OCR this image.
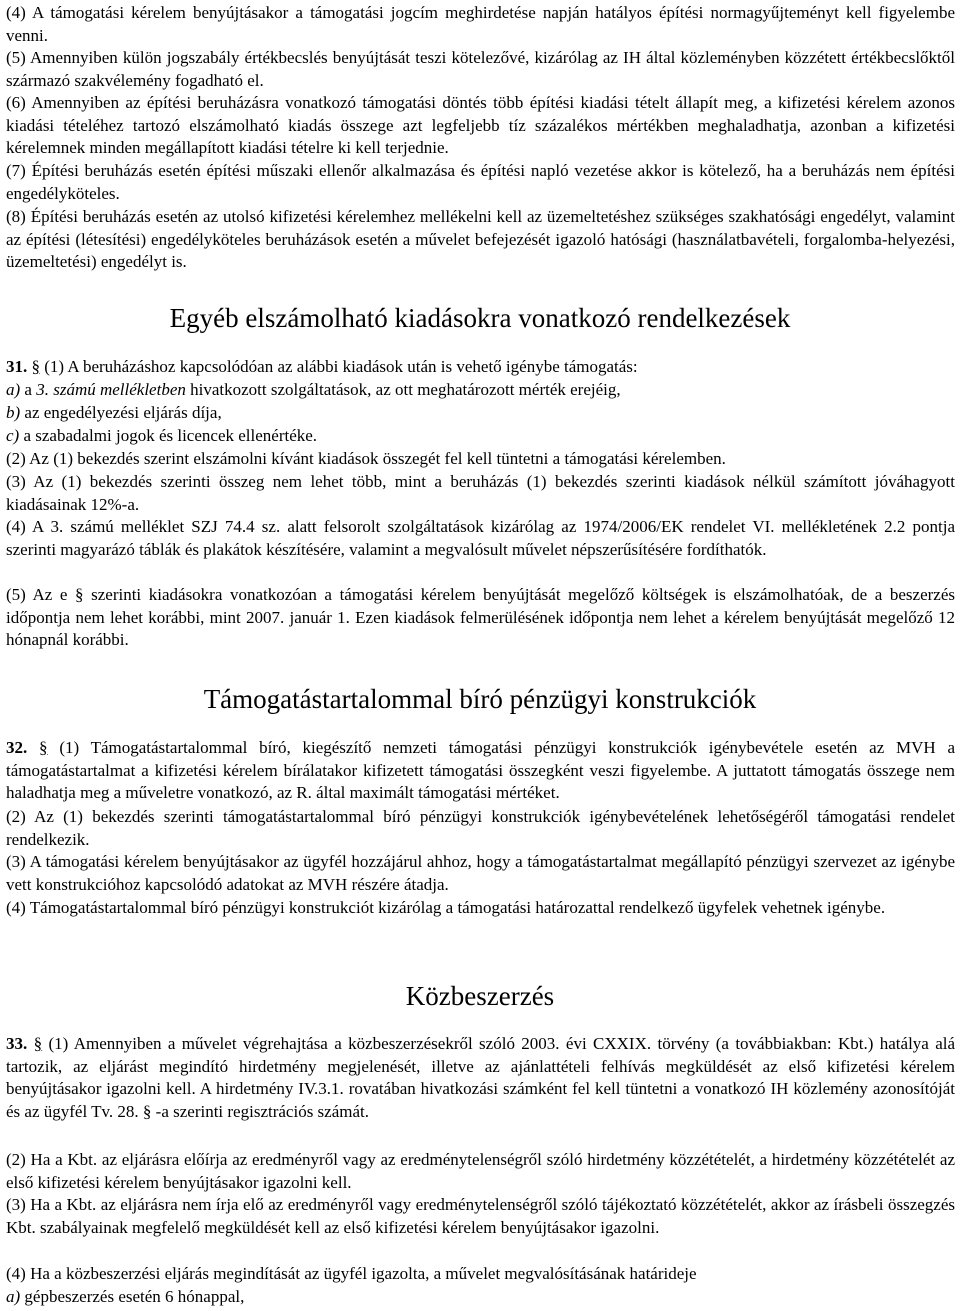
(4) A támogatási kérelem benyújtásakor a támogatási jogcím meghirdetése napján hatályos építési normagyűjteményt kell figyelembe venni.

(5) Amennyiben külön jogszabály értékbecslés benyújtását teszi kötelezővé, kizárólag az IH által közleményben közzétett értékbecslőktől származó szakvélemény fogadható el.

(6) Amennyiben az építési beruházásra vonatkozó támogatási döntés több építési kiadási tételt állapít meg, a kifizetési kérelem azonos kiadási tételéhez tartozó elszámolható kiadás összege azt legfeljebb tíz százalékos mértékben meghaladhatja, azonban a kifizetési kérelemnek minden megállapított kiadási tételre ki kell terjednie.

(7) Építési beruházás esetén építési műszaki ellenőr alkalmazása és építési napló vezetése akkor is kötelező, ha a beruházás nem építési engedélyköteles.

(8) Építési beruházás esetén az utolsó kifizetési kérelemhez mellékelni kell az üzemeltetéshez szükséges szakhatósági engedélyt, valamint az építési (létesítési) engedélyköteles beruházások esetén a művelet befejezését igazoló hatósági (használatbavételi, forgalomba-helyezési, üzemeltetési) engedélyt is.

Egyéb elszámolható kiadásokra vonatkozó rendelkezések

31. § (1) A beruházáshoz kapcsolódóan az alábbi kiadások után is vehető igénybe támogatás:

a) a 3. számú mellékletben hivatkozott szolgáltatások, az ott meghatározott mérték erejéig,

b) az engedélyezési eljárás díja,

c) a szabadalmi jogok és licencek ellenértéke.

(2) Az (1) bekezdés szerint elszámolni kívánt kiadások összegét fel kell tüntetni a támogatási kérelemben.

(3) Az (1) bekezdés szerinti összeg nem lehet több, mint a beruházás (1) bekezdés szerinti kiadások nélkül számított jóváhagyott kiadásainak 12%-a.

(4) A 3. számú melléklet SZJ 74.4 sz. alatt felsorolt szolgáltatások kizárólag az 1974/2006/EK rendelet VI. mellékletének 2.2 pontja szerinti magyarázó táblák és plakátok készítésére, valamint a megvalósult művelet népszerűsítésére fordíthatók.

(5) Az e § szerinti kiadásokra vonatkozóan a támogatási kérelem benyújtását megelőző költségek is elszámolhatóak, de a beszerzés időpontja nem lehet korábbi, mint 2007. január 1. Ezen kiadások felmerülésének időpontja nem lehet a kérelem benyújtását megelőző 12 hónapnál korábbi.

Támogatástartalommal bíró pénzügyi konstrukciók

32. § (1) Támogatástartalommal bíró, kiegészítő nemzeti támogatási pénzügyi konstrukciók igénybevétele esetén az MVH a támogatástartalmat a kifizetési kérelem bírálatakor kifizetett támogatási összegként veszi figyelembe. A juttatott támogatás összege nem haladhatja meg a műveletre vonatkozó, az R. által maximált támogatási mértéket.

(2) Az (1) bekezdés szerinti támogatástartalommal bíró pénzügyi konstrukciók igénybevételének lehetőségéről támogatási rendelet rendelkezik.

(3) A támogatási kérelem benyújtásakor az ügyfél hozzájárul ahhoz, hogy a támogatástartalmat megállapító pénzügyi szervezet az igénybe vett konstrukcióhoz kapcsolódó adatokat az MVH részére átadja.

(4) Támogatástartalommal bíró pénzügyi konstrukciót kizárólag a támogatási határozattal rendelkező ügyfelek vehetnek igénybe.

Közbeszerzés

33. § (1) Amennyiben a művelet végrehajtása a közbeszerzésekről szóló 2003. évi CXXIX. törvény (a továbbiakban: Kbt.) hatálya alá tartozik, az eljárást megindító hirdetmény megjelenését, illetve az ajánlattételi felhívás megküldését az első kifizetési kérelem benyújtásakor igazolni kell. A hirdetmény IV.3.1. rovatában hivatkozási számként fel kell tüntetni a vonatkozó IH közlemény azonosítóját és az ügyfél Tv. 28. § -a szerinti regisztrációs számát.

(2) Ha a Kbt. az eljárásra előírja az eredményről vagy az eredménytelenségről szóló hirdetmény közzétételét, a hirdetmény közzétételét az első kifizetési kérelem benyújtásakor igazolni kell.

(3) Ha a Kbt. az eljárásra nem írja elő az eredményről vagy eredménytelenségről szóló tájékoztató közzétételét, akkor az írásbeli összegzés Kbt. szabályainak megfelelő megküldését kell az első kifizetési kérelem benyújtásakor igazolni.

(4) Ha a közbeszerzési eljárás megindítását az ügyfél igazolta, a művelet megvalósításának határideje

a) gépbeszerzés esetén 6 hónappal,
